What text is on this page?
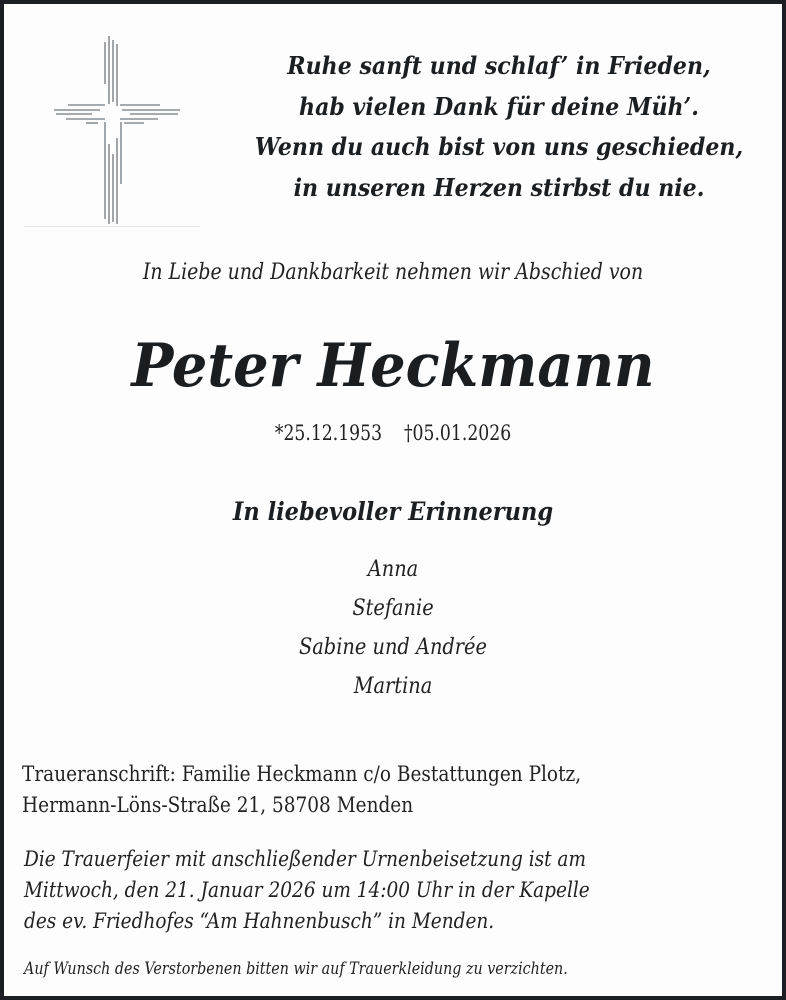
Ruhe sanft und schlaf’ in Frieden,
hab vielen Dank für deine Müh’.
Wenn du auch bist von uns geschieden,
in unseren Herzen stirbst du nie.
In Liebe und Dankbarkeit nehmen wir Abschied von
Peter Heckmann
*25.12.1953 †05.01.2026
In liebevoller Erinnerung
Anna
Stefanie
Sabine und Andrée
Martina
Traueranschrift: Familie Heckmann c/o Bestattungen Plotz,
Hermann-Löns-Straße 21, 58708 Menden
Die Trauerfeier mit anschließender Urnenbeisetzung ist am
Mittwoch, den 21. Januar 2026 um 14:00 Uhr in der Kapelle
des ev. Friedhofes “Am Hahnenbusch” in Menden.
Auf Wunsch des Verstorbenen bitten wir auf Trauerkleidung zu verzichten.
